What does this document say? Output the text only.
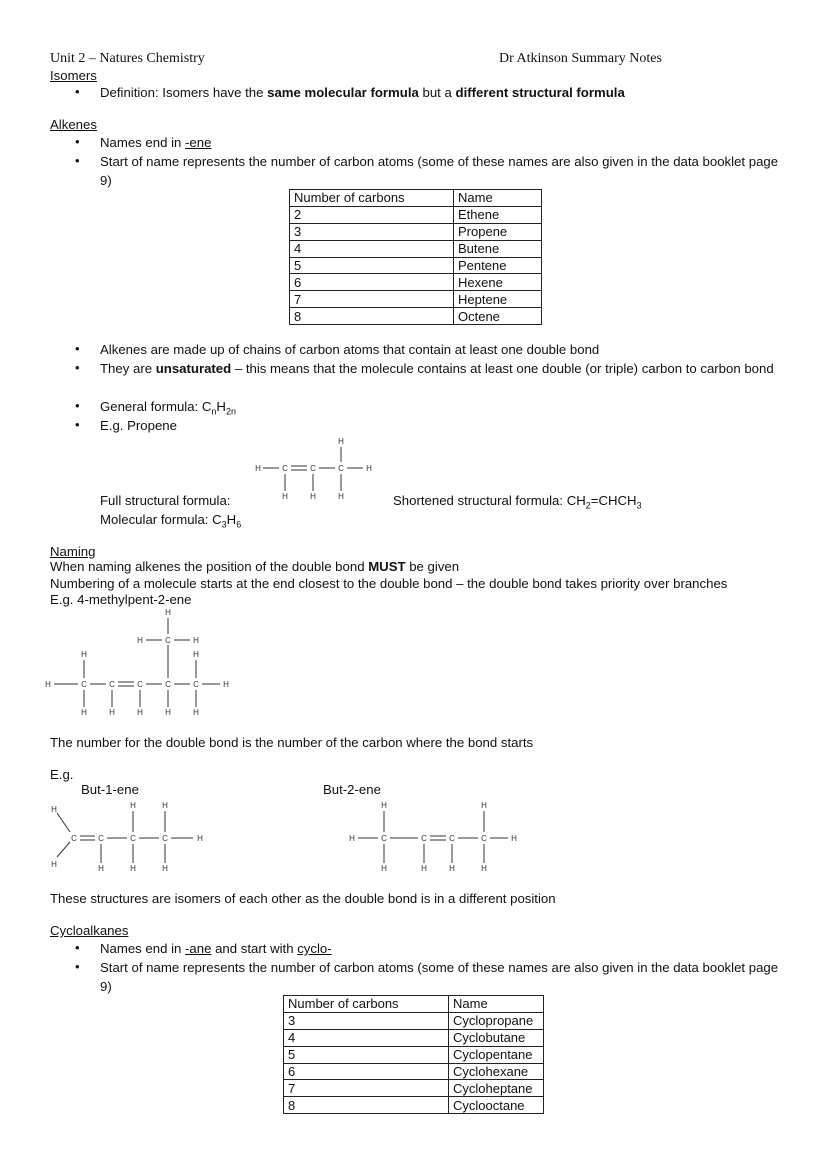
Unit 2 – Natures Chemistry	Dr Atkinson Summary Notes
Isomers
• Definition: Isomers have the same molecular formula but a different structural formula
Alkenes
• Names end in -ene
• Start of name represents the number of carbon atoms (some of these names are also given in the data booklet page 9)
Number of carbons	Name
2	Ethene
3	Propene
4	Butene
5	Pentene
6	Hexene
7	Heptene
8	Octene
• Alkenes are made up of chains of carbon atoms that contain at least one double bond
• They are unsaturated – this means that the molecule contains at least one double (or triple) carbon to carbon bond
• General formula: $C_nH_{2n}$
• E.g. Propene
H	C	C	C	H
H
H	H	H
Full structural formula:	Shortened structural formula: $CH_2=CHCH_3$
Molecular formula: $C_3H_6$
Naming
When naming alkenes the position of the double bond MUST be given
Numbering of a molecule starts at the end closest to the double bond – the double bond takes priority over branches
E.g. 4-methylpent-2-ene
H
H	C	H
H	H
H	C	C	C	C	C	H
H	H	H	H	H
The number for the double bond is the number of the carbon where the bond starts
E.g.
But-1-ene	But-2-ene
H
H
C	C	C	C	H
H	H
H	H	H
H	C	C	C	C	H
H	H
H	H	H	H
These structures are isomers of each other as the double bond is in a different position
Cycloalkanes
• Names end in -ane and start with cyclo-
• Start of name represents the number of carbon atoms (some of these names are also given in the data booklet page 9)
Number of carbons	Name
3	Cyclopropane
4	Cyclobutane
5	Cyclopentane
6	Cyclohexane
7	Cycloheptane
8	Cyclooctane
